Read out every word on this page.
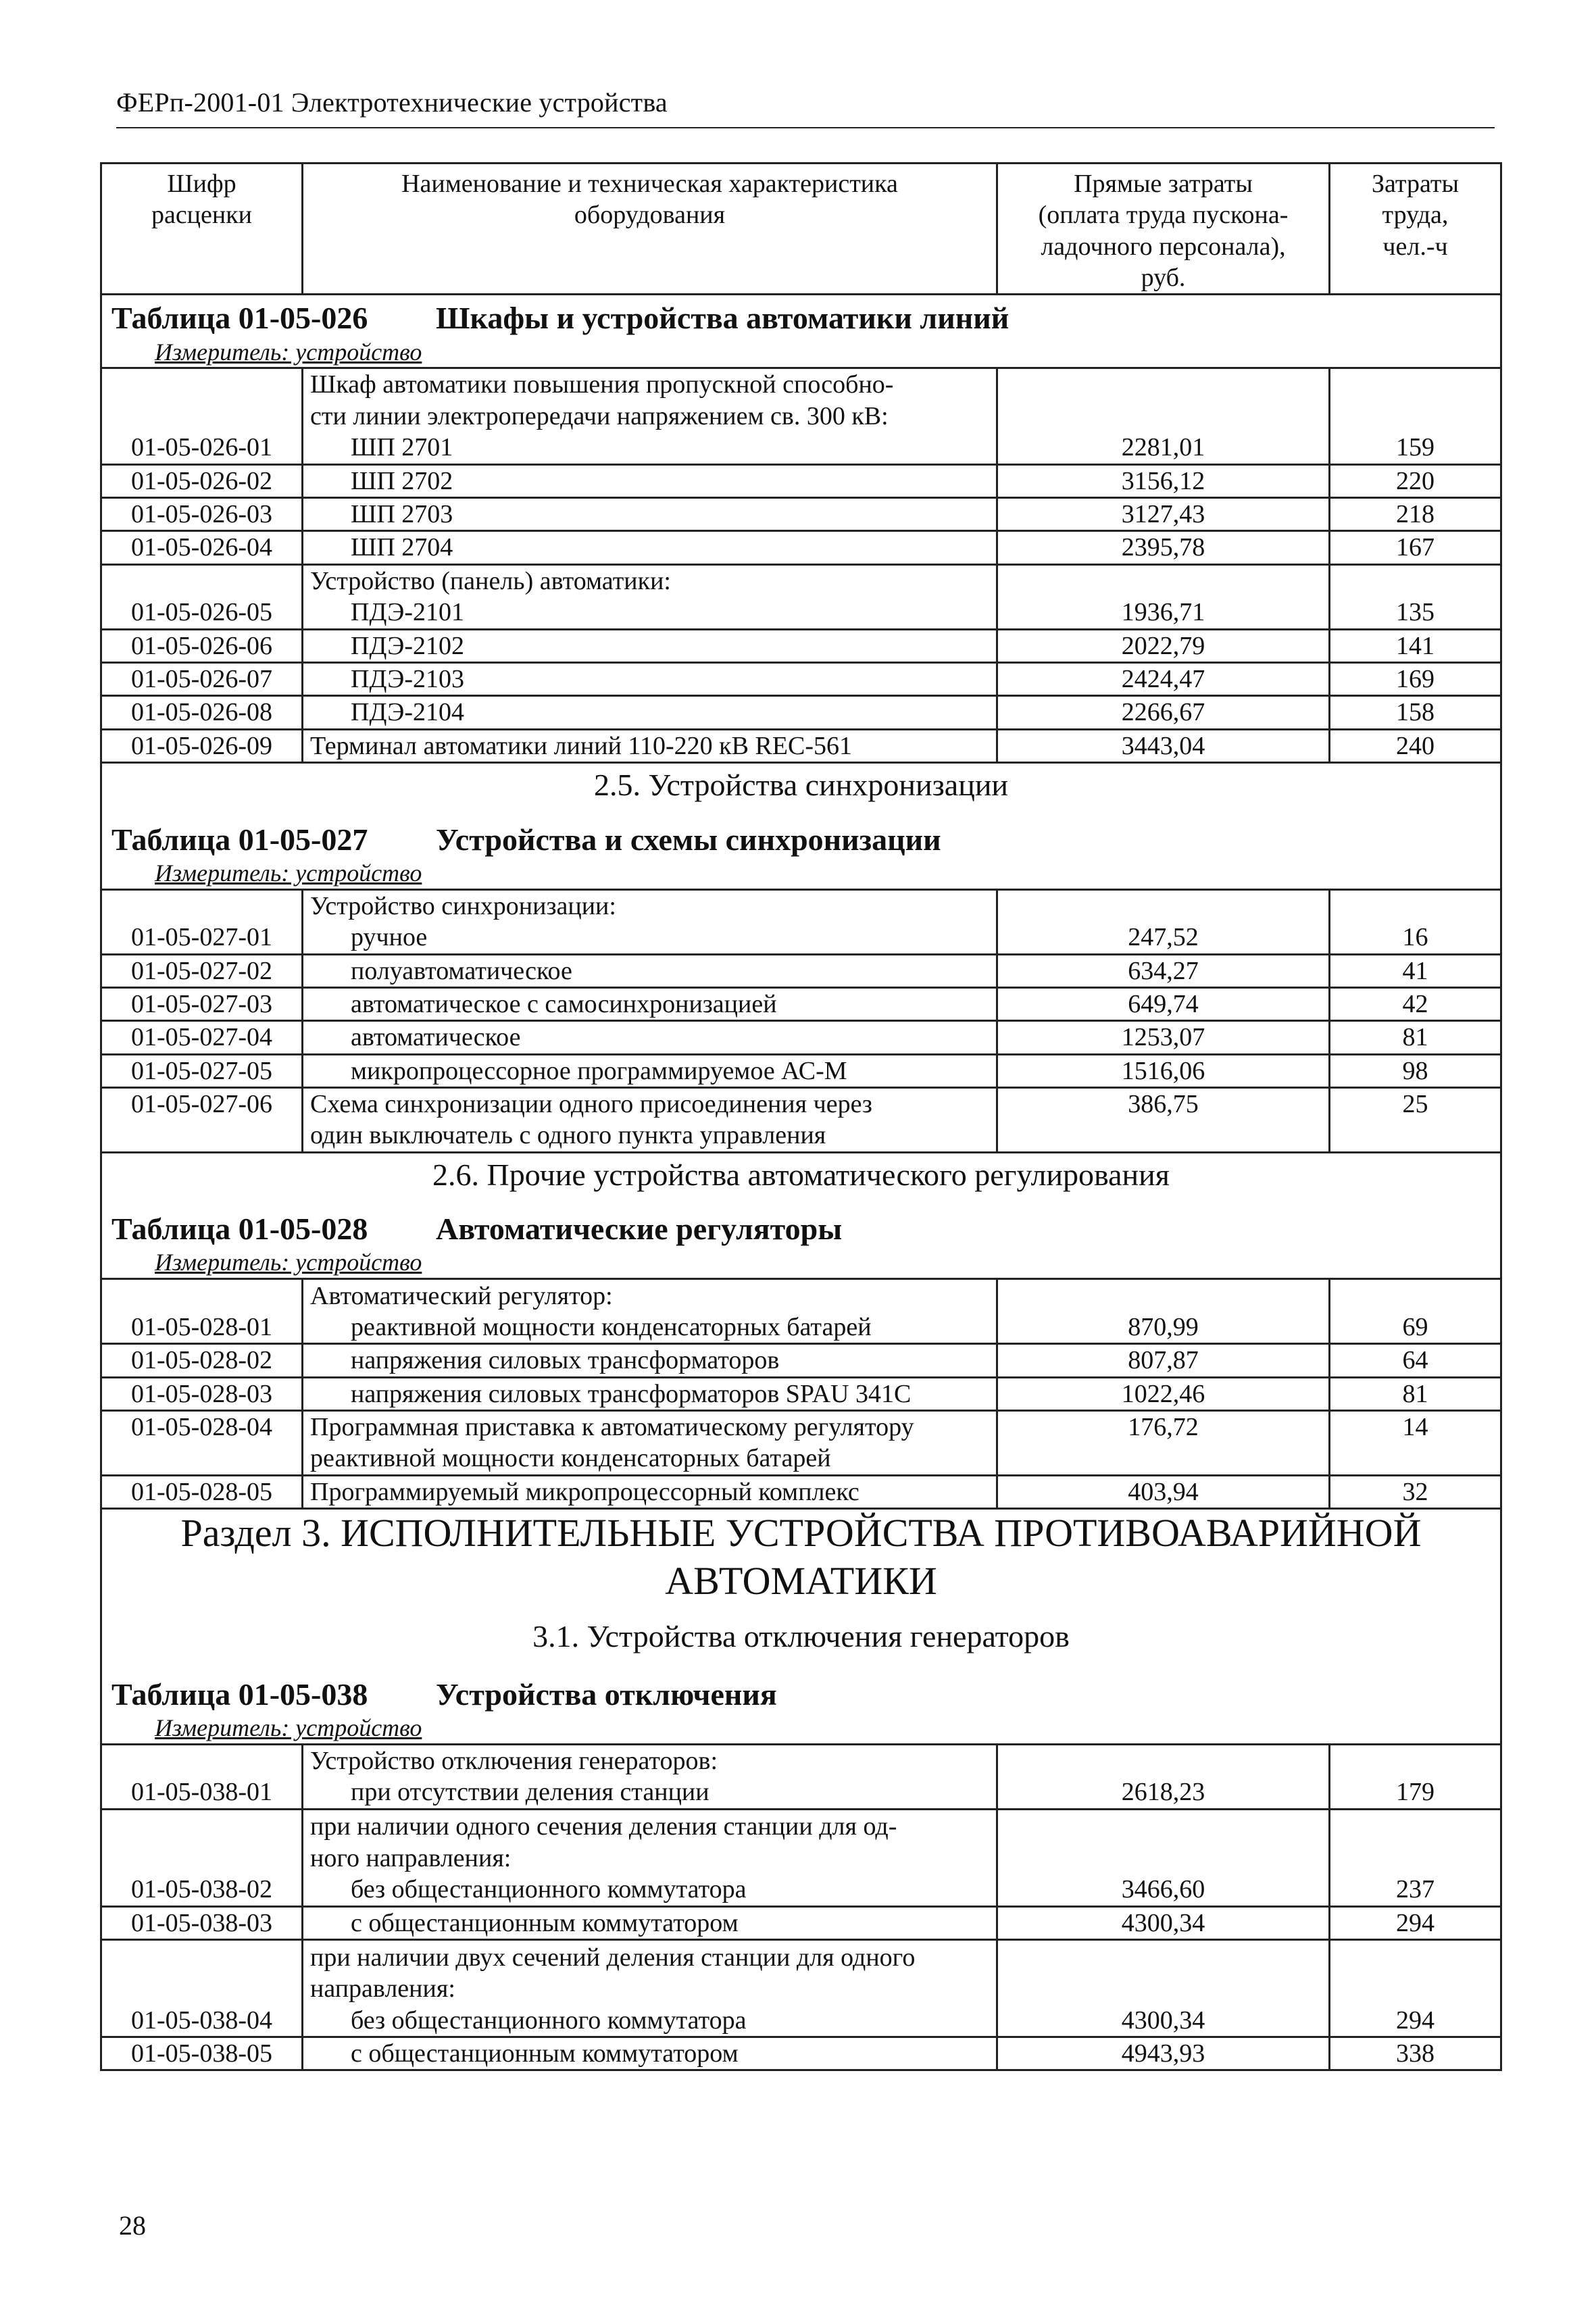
ФЕРп-2001-01 Электротехнические устройства
Шифр
расценки	Наименование и техническая характеристика
оборудования	Прямые затраты
(оплата труда пускона-
ладочного персонала),
руб.	Затраты
труда,
чел.-ч

Таблица 01-05-026 Шкафы и устройства автоматики линий			
Измеритель: устройство			
01-05-026-01	Шкаф автоматики повышения пропускной способно-
сти линии электропередачи напряжением св. 300 кВ:
ШП 2701	2281,01	159
01-05-026-02	ШП 2702	3156,12	220
01-05-026-03	ШП 2703	3127,43	218
01-05-026-04	ШП 2704	2395,78	167
01-05-026-05	Устройство (панель) автоматики:
ПДЭ-2101	1936,71	135
01-05-026-06	ПДЭ-2102	2022,79	141
01-05-026-07	ПДЭ-2103	2424,47	169
01-05-026-08	ПДЭ-2104	2266,67	158
01-05-026-09	Терминал автоматики линий 110-220 кВ REC-561	3443,04	240
2.5. Устройства синхронизации			
Таблица 01-05-027 Устройства и схемы синхронизации			
Измеритель: устройство			
01-05-027-01	Устройство синхронизации:
ручное	247,52	16
01-05-027-02	полуавтоматическое	634,27	41
01-05-027-03	автоматическое с самосинхронизацией	649,74	42
01-05-027-04	автоматическое	1253,07	81
01-05-027-05	микропроцессорное программируемое АС-М	1516,06	98
01-05-027-06	Схема синхронизации одного присоединения через
один выключатель с одного пункта управления	386,75	25
2.6. Прочие устройства автоматического регулирования			
Таблица 01-05-028 Автоматические регуляторы			
Измеритель: устройство			
01-05-028-01	Автоматический регулятор:
реактивной мощности конденсаторных батарей	870,99	69
01-05-028-02	напряжения силовых трансформаторов	807,87	64
01-05-028-03	напряжения силовых трансформаторов SPAU 341C	1022,46	81
01-05-028-04	Программная приставка к автоматическому регулятору
реактивной мощности конденсаторных батарей	176,72	14
01-05-028-05	Программируемый микропроцессорный комплекс	403,94	32

Раздел 3. ИСПОЛНИТЕЛЬНЫЕ УСТРОЙСТВА ПРОТИВОАВАРИЙНОЙ
АВТОМАТИКИ			

3.1. Устройства отключения генераторов			
Таблица 01-05-038 Устройства отключения			
Измеритель: устройство			
01-05-038-01	Устройство отключения генераторов:
при отсутствии деления станции	2618,23	179
01-05-038-02	при наличии одного сечения деления станции для од-
ного направления:
без общестанционного коммутатора	3466,60	237
01-05-038-03	с общестанционным коммутатором	4300,34	294
01-05-038-04	при наличии двух сечений деления станции для одного
направления:
без общестанционного коммутатора	4300,34	294
01-05-038-05	с общестанционным коммутатором	4943,93	338
28
